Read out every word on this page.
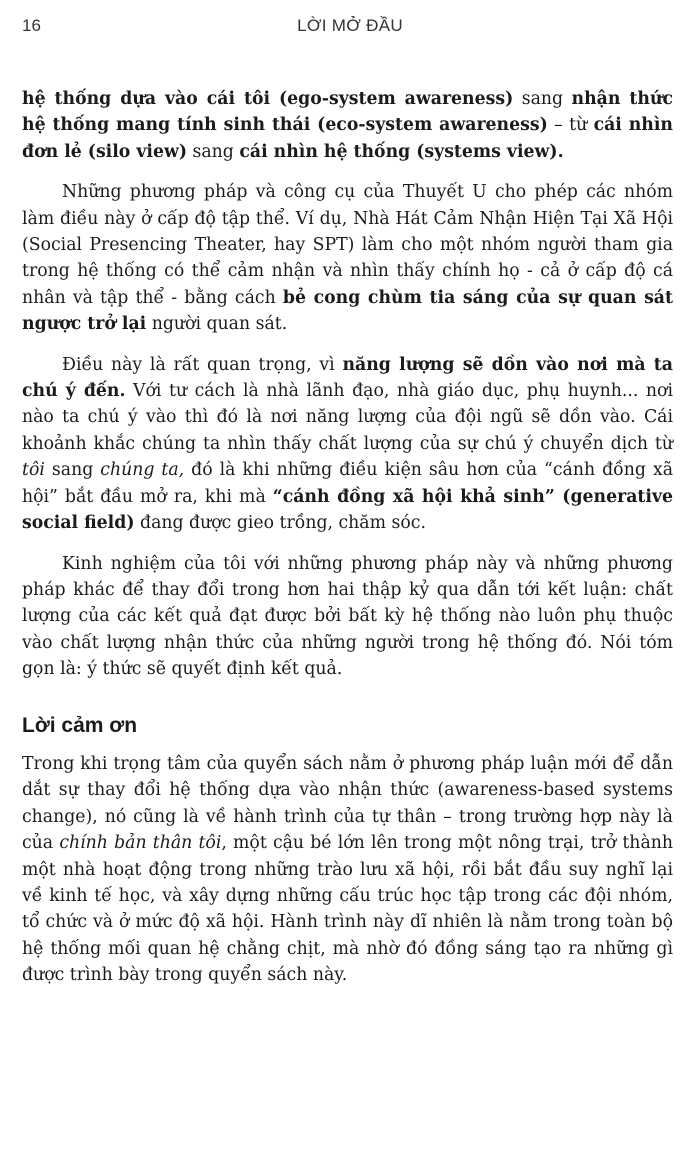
16	LỜI MỞ ĐẦU

hệ thống dựa vào cái tôi (ego-system awareness) sang nhận thức hệ thống mang tính sinh thái (eco-system awareness) – từ cái nhìn đơn lẻ (silo view) sang cái nhìn hệ thống (systems view).

Những phương pháp và công cụ của Thuyết U cho phép các nhóm làm điều này ở cấp độ tập thể. Ví dụ, Nhà Hát Cảm Nhận Hiện Tại Xã Hội (Social Presencing Theater, hay SPT) làm cho một nhóm người tham gia trong hệ thống có thể cảm nhận và nhìn thấy chính họ - cả ở cấp độ cá nhân và tập thể - bằng cách bẻ cong chùm tia sáng của sự quan sát ngược trở lại người quan sát.

Điều này là rất quan trọng, vì năng lượng sẽ dồn vào nơi mà ta chú ý đến. Với tư cách là nhà lãnh đạo, nhà giáo dục, phụ huynh... nơi nào ta chú ý vào thì đó là nơi năng lượng của đội ngũ sẽ dồn vào. Cái khoảnh khắc chúng ta nhìn thấy chất lượng của sự chú ý chuyển dịch từ tôi sang chúng ta, đó là khi những điều kiện sâu hơn của “cánh đồng xã hội” bắt đầu mở ra, khi mà “cánh đồng xã hội khả sinh” (generative social field) đang được gieo trồng, chăm sóc.

Kinh nghiệm của tôi với những phương pháp này và những phương pháp khác để thay đổi trong hơn hai thập kỷ qua dẫn tới kết luận: chất lượng của các kết quả đạt được bởi bất kỳ hệ thống nào luôn phụ thuộc vào chất lượng nhận thức của những người trong hệ thống đó. Nói tóm gọn là: ý thức sẽ quyết định kết quả.

Lời cảm ơn

Trong khi trọng tâm của quyển sách nằm ở phương pháp luận mới để dẫn dắt sự thay đổi hệ thống dựa vào nhận thức (awareness-based systems change), nó cũng là về hành trình của tự thân – trong trường hợp này là của chính bản thân tôi, một cậu bé lớn lên trong một nông trại, trở thành một nhà hoạt động trong những trào lưu xã hội, rồi bắt đầu suy nghĩ lại về kinh tế học, và xây dựng những cấu trúc học tập trong các đội nhóm, tổ chức và ở mức độ xã hội. Hành trình này dĩ nhiên là nằm trong toàn bộ hệ thống mối quan hệ chằng chịt, mà nhờ đó đồng sáng tạo ra những gì được trình bày trong quyển sách này.
